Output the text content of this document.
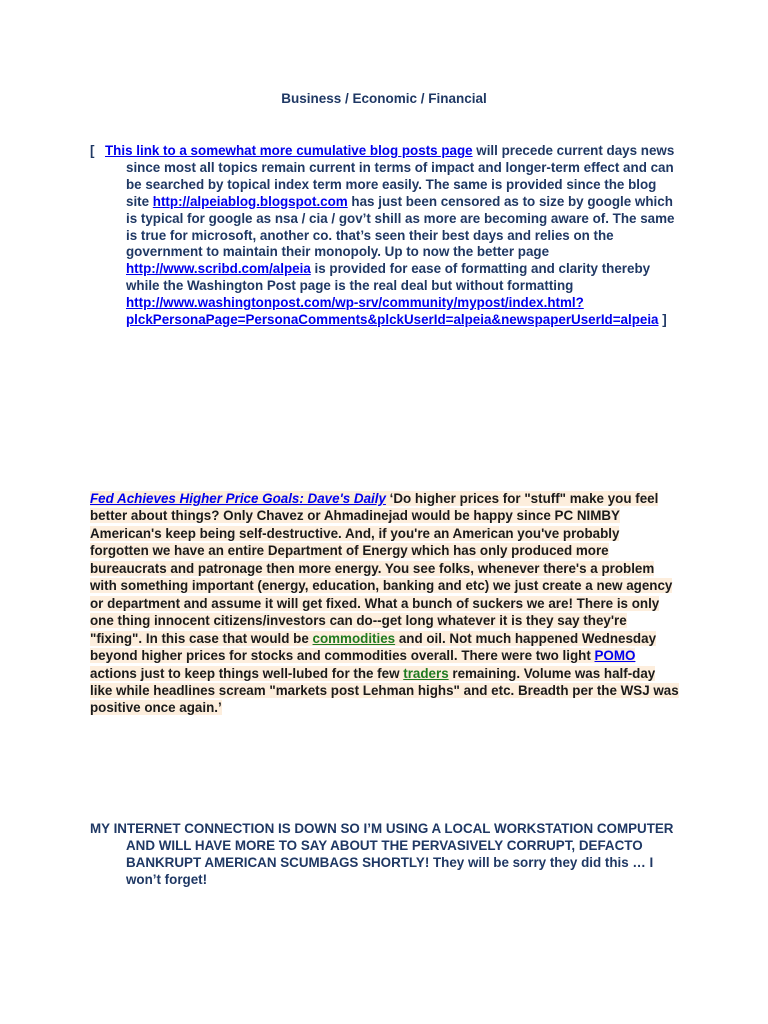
Business / Economic / Financial
[ This link to a somewhat more cumulative blog posts page will precede current days news since most all topics remain current in terms of impact and longer-term effect and can be searched by topical index term more easily. The same is provided since the blog site http://alpeiablog.blogspot.com has just been censored as to size by google which is typical for google as nsa / cia / gov’t shill as more are becoming aware of. The same is true for microsoft, another co. that’s seen their best days and relies on the government to maintain their monopoly. Up to now the better page http://www.scribd.com/alpeia is provided for ease of formatting and clarity thereby while the Washington Post page is the real deal but without formatting http://www.washingtonpost.com/wp-srv/community/mypost/index.html?plckPersonaPage=PersonaComments&plckUserId=alpeia&newspaperUserId=alpeia ]
Fed Achieves Higher Price Goals: Dave's Daily ‘Do higher prices for "stuff" make you feel better about things? Only Chavez or Ahmadinejad would be happy since PC NIMBY American's keep being self-destructive. And, if you're an American you've probably forgotten we have an entire Department of Energy which has only produced more bureaucrats and patronage then more energy. You see folks, whenever there's a problem with something important (energy, education, banking and etc) we just create a new agency or department and assume it will get fixed. What a bunch of suckers we are! There is only one thing innocent citizens/investors can do--get long whatever it is they say they're "fixing". In this case that would be commodities and oil. Not much happened Wednesday beyond higher prices for stocks and commodities overall. There were two light POMO actions just to keep things well-lubed for the few traders remaining. Volume was half-day like while headlines scream "markets post Lehman highs" and etc. Breadth per the WSJ was positive once again.’
MY INTERNET CONNECTION IS DOWN SO I’M USING A LOCAL WORKSTATION COMPUTER AND WILL HAVE MORE TO SAY ABOUT THE PERVASIVELY CORRUPT, DEFACTO BANKRUPT AMERICAN SCUMBAGS SHORTLY! They will be sorry they did this … I won’t forget!
